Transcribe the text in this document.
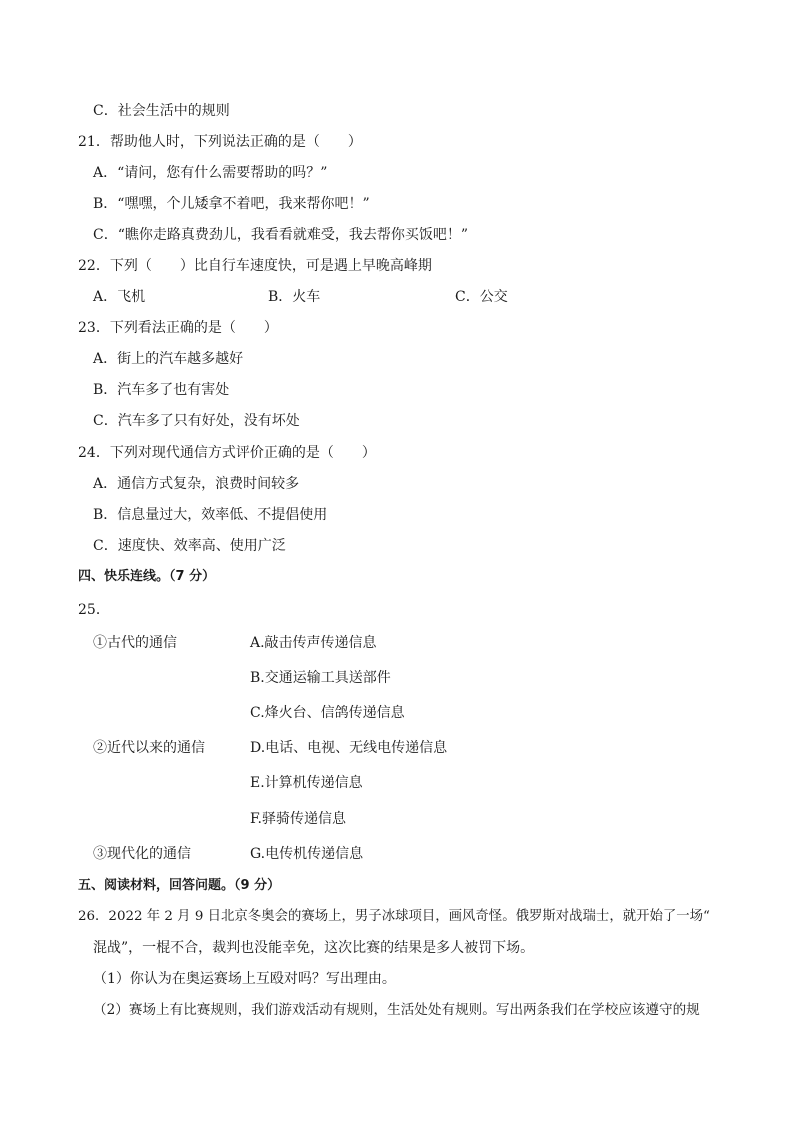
C．社会生活中的规则
21．帮助他人时，下列说法正确的是（　　）
A．“请问，您有什么需要帮助的吗？”
B．“嘿嘿，个儿矮拿不着吧，我来帮你吧！”
C．“瞧你走路真费劲儿，我看看就难受，我去帮你买饭吧！”
22．下列（　　）比自行车速度快，可是遇上早晚高峰期
A．飞机	B．火车	C．公交
23．下列看法正确的是（　　）
A．街上的汽车越多越好
B．汽车多了也有害处
C．汽车多了只有好处，没有坏处
24．下列对现代通信方式评价正确的是（　　）
A．通信方式复杂，浪费时间较多
B．信息量过大，效率低、不提倡使用
C．速度快、效率高、使用广泛
四、快乐连线。（7 分）
25．
①古代的通信
②近代以来的通信
③现代化的通信
A.敲击传声传递信息
B.交通运输工具送部件
C.烽火台、信鸽传递信息
D.电话、电视、无线电传递信息
E.计算机传递信息
F.驿骑传递信息
G.电传机传递信息
五、阅读材料，回答问题。（9 分）
26．2022 年 2 月 9 日北京冬奥会的赛场上，男子冰球项目，画风奇怪。俄罗斯对战瑞士，就开始了一场“
混战”，一棍不合，裁判也没能幸免，这次比赛的结果是多人被罚下场。
（1）你认为在奥运赛场上互殴对吗？写出理由。
（2）赛场上有比赛规则，我们游戏活动有规则，生活处处有规则。写出两条我们在学校应该遵守的规
